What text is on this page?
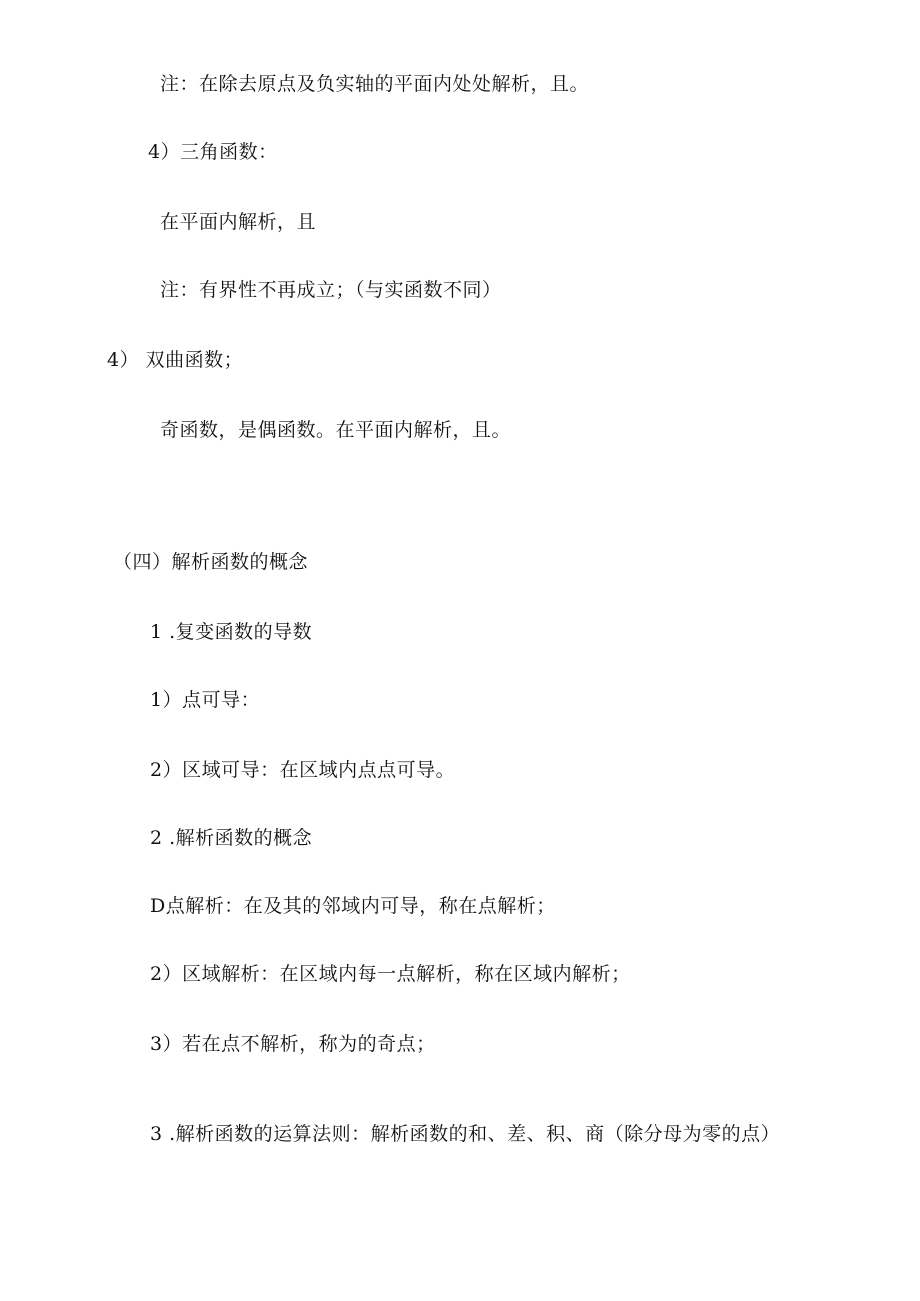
注：在除去原点及负实轴的平面内处处解析，且。
4）三角函数：
在平面内解析，且
注：有界性不再成立；（与实函数不同）
4） 双曲函数；
奇函数，是偶函数。在平面内解析，且。
（四）解析函数的概念
1 .复变函数的导数
1）点可导：
2）区域可导：在区域内点点可导。
2 .解析函数的概念
D点解析：在及其的邻域内可导，称在点解析；
2）区域解析：在区域内每一点解析，称在区域内解析；
3）若在点不解析，称为的奇点；
3 .解析函数的运算法则：解析函数的和、差、积、商（除分母为零的点）
